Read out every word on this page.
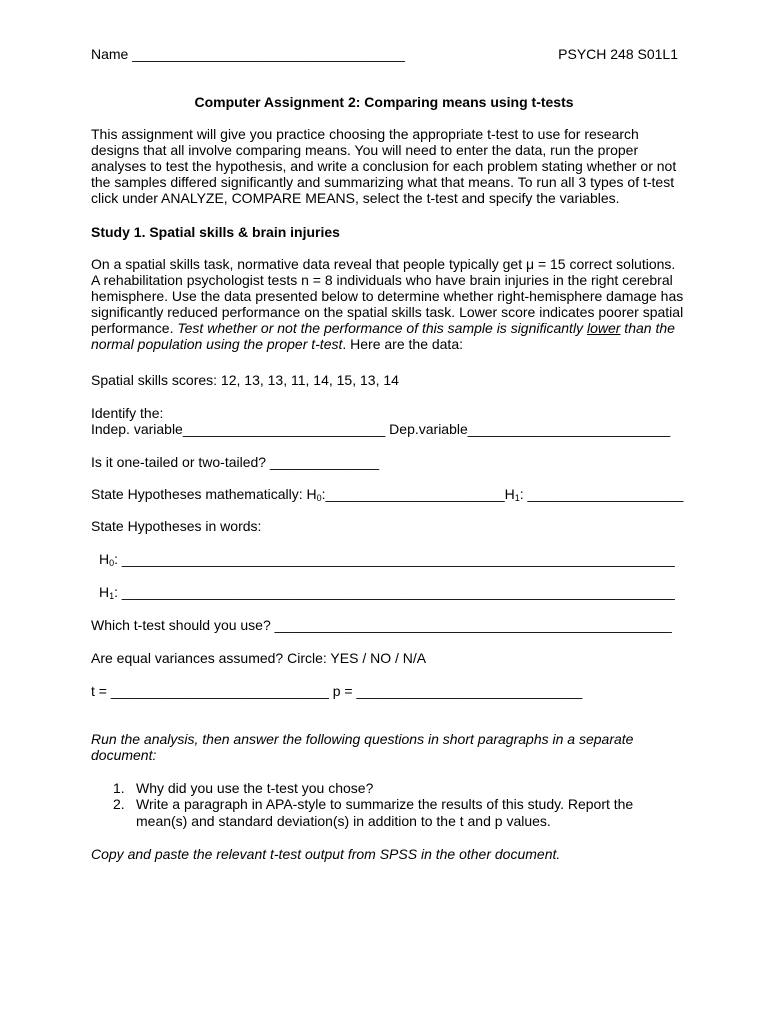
Name ___________________________________	PSYCH 248 S01L1
Computer Assignment 2: Comparing means using t-tests
This assignment will give you practice choosing the appropriate t-test to use for research
designs that all involve comparing means. You will need to enter the data, run the proper
analyses to test the hypothesis, and write a conclusion for each problem stating whether or not
the samples differed significantly and summarizing what that means. To run all 3 types of t-test
click under ANALYZE, COMPARE MEANS, select the t-test and specify the variables.
Study 1. Spatial skills & brain injuries
On a spatial skills task, normative data reveal that people typically get μ = 15 correct solutions.
A rehabilitation psychologist tests n = 8 individuals who have brain injuries in the right cerebral
hemisphere. Use the data presented below to determine whether right-hemisphere damage has
significantly reduced performance on the spatial skills task. Lower score indicates poorer spatial
performance. Test whether or not the performance of this sample is significantly lower than the
normal population using the proper t-test. Here are the data:
Spatial skills scores: 12, 13, 13, 11, 14, 15, 13, 14
Identify the:
Indep. variable__________________________ Dep.variable__________________________
Is it one-tailed or two-tailed? ______________
State Hypotheses mathematically: $H_0:\_\_\_\_\_\_\_\_\_\_\_\_\_\_\_\_\_\_\_\_\_\_\_H_1$: ____________________
State Hypotheses in words:
$H_0$: _______________________________________________________________________
$H_1$: _______________________________________________________________________
Which t-test should you use? ___________________________________________________
Are equal variances assumed? Circle: YES / NO / N/A
t = ____________________________ p = _____________________________
Run the analysis, then answer the following questions in short paragraphs in a separate
document:
1. Why did you use the t-test you chose?
2. Write a paragraph in APA-style to summarize the results of this study. Report the
mean(s) and standard deviation(s) in addition to the t and p values.
Copy and paste the relevant t-test output from SPSS in the other document.
